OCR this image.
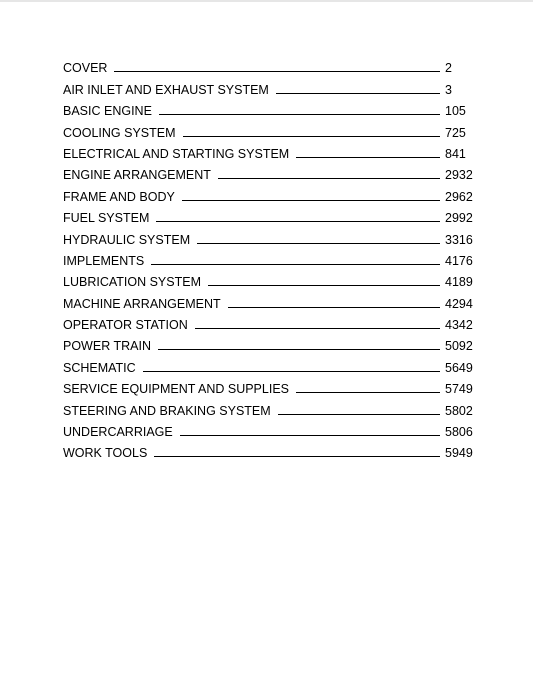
COVER	2
AIR INLET AND EXHAUST SYSTEM	3
BASIC ENGINE	105
COOLING SYSTEM	725
ELECTRICAL AND STARTING SYSTEM	841
ENGINE ARRANGEMENT	2932
FRAME AND BODY	2962
FUEL SYSTEM	2992
HYDRAULIC SYSTEM	3316
IMPLEMENTS	4176
LUBRICATION SYSTEM	4189
MACHINE ARRANGEMENT	4294
OPERATOR STATION	4342
POWER TRAIN	5092
SCHEMATIC	5649
SERVICE EQUIPMENT AND SUPPLIES	5749
STEERING AND BRAKING SYSTEM	5802
UNDERCARRIAGE	5806
WORK TOOLS	5949
